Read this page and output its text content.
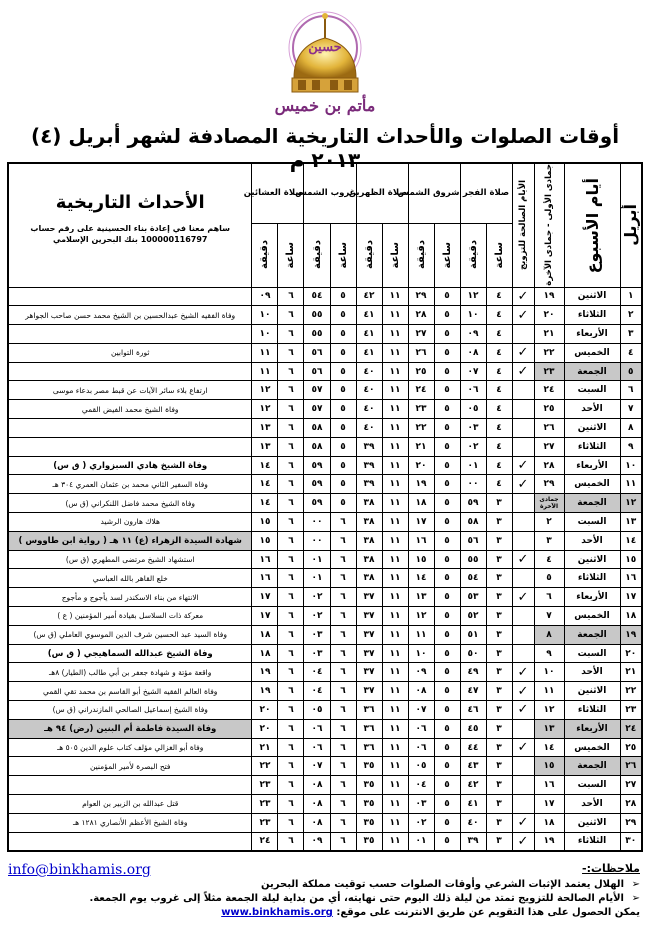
حسين
مأتم بن خميس
أوقات الصلوات والأحداث التاريخية المصادفة لشهر أبريل (٤) ٢٠١٣ م
أبريل	أيام الأسبوع	جمادى الأولى - جمادى الآخرة	الأيام الصالحة للتزويج	صلاة الفجر		شروق الشمس		صلاة الظهرين		غروب الشمس		صلاة العشائين		الأحداث التاريخية
ساهم معنا في إعادة بناء الحسينية على رقم حساب 100000116797 بنك البحرين الإسلامي

				ساعة	دقيقة	ساعة	دقيقة	ساعة	دقيقة	ساعة	دقيقة	ساعة	دقيقة	

١	الاثنين	١٩	✓	٤	١٢	٥	٢٩	١١	٤٢	٥	٥٤	٦	٠٩	
٢	الثلاثاء	٢٠	✓	٤	١٠	٥	٢٨	١١	٤١	٥	٥٥	٦	١٠	وفاة الفقيه الشيخ عبدالحسين بن الشيخ محمد حسن صاحب الجواهر
٣	الأربعاء	٢١		٤	٠٩	٥	٢٧	١١	٤١	٥	٥٥	٦	١٠	
٤	الخميس	٢٢	✓	٤	٠٨	٥	٢٦	١١	٤١	٥	٥٦	٦	١١	ثورة التوابين
٥	الجمعة	٢٣	✓	٤	٠٧	٥	٢٥	١١	٤٠	٥	٥٦	٦	١١	
٦	السبت	٢٤		٤	٠٦	٥	٢٤	١١	٤٠	٥	٥٧	٦	١٢	ارتفاع بلاء سائر الآيات عن قبط مصر بدعاء موسى
٧	الأحد	٢٥		٤	٠٥	٥	٢٣	١١	٤٠	٥	٥٧	٦	١٢	وفاة الشيخ محمد الفيض القمي
٨	الاثنين	٢٦		٤	٠٣	٥	٢٢	١١	٤٠	٥	٥٨	٦	١٣	
٩	الثلاثاء	٢٧		٤	٠٢	٥	٢١	١١	٣٩	٥	٥٨	٦	١٣	
١٠	الأربعاء	٢٨	✓	٤	٠١	٥	٢٠	١١	٣٩	٥	٥٩	٦	١٤	وفاة الشيخ هادي السبزواري ( ق س)
١١	الخميس	٢٩	✓	٤	٠٠	٥	١٩	١١	٣٩	٥	٥٩	٦	١٤	وفاة السفير الثاني محمد بن عثمان العمري ٣٠٤ هـ
١٢	الجمعة	جمادى الآخرة		٣	٥٩	٥	١٨	١١	٣٨	٥	٥٩	٦	١٤	وفاة الشيخ محمد فاضل اللنكراني (ق س)
١٣	السبت	٢		٣	٥٨	٥	١٧	١١	٣٨	٦	٠٠	٦	١٥	هلاك هارون الرشيد
١٤	الأحد	٣		٣	٥٦	٥	١٦	١١	٣٨	٦	٠٠	٦	١٥	شهادة السيدة الزهراء (ع) ١١ هـ ( رواية ابن طاووس )
١٥	الاثنين	٤	✓	٣	٥٥	٥	١٥	١١	٣٨	٦	٠١	٦	١٦	استشهاد الشيخ مرتضى المطهري (ق س)
١٦	الثلاثاء	٥		٣	٥٤	٥	١٤	١١	٣٨	٦	٠١	٦	١٦	خلع القاهر بالله العباسي
١٧	الأربعاء	٦	✓	٣	٥٣	٥	١٣	١١	٣٧	٦	٠٢	٦	١٧	الانتهاء من بناء الاسكندر لسد يأجوج و مأجوج
١٨	الخميس	٧		٣	٥٢	٥	١٢	١١	٣٧	٦	٠٢	٦	١٧	معركة ذات السلاسل بقيادة أمير المؤمنين ( ع )
١٩	الجمعة	٨		٣	٥١	٥	١١	١١	٣٧	٦	٠٣	٦	١٨	وفاة السيد عبد الحسين شرف الدين الموسوي العاملي (ق س)
٢٠	السبت	٩		٣	٥٠	٥	١٠	١١	٣٧	٦	٠٣	٦	١٨	وفاة الشيخ عبدالله السماهيجي ( ق س)
٢١	الأحد	١٠	✓	٣	٤٩	٥	٠٩	١١	٣٧	٦	٠٤	٦	١٩	واقعة مؤتة و شهادة جعفر بن أبي طالب (الطيار) ٨هـ
٢٢	الاثنين	١١	✓	٣	٤٧	٥	٠٨	١١	٣٧	٦	٠٤	٦	١٩	وفاة العالم الفقيه الشيخ أبو القاسم بن محمد تقي القمي
٢٣	الثلاثاء	١٢	✓	٣	٤٦	٥	٠٧	١١	٣٦	٦	٠٥	٦	٢٠	وفاة الشيخ إسماعيل الصالحي المازندراني (ق س)
٢٤	الأربعاء	١٣		٣	٤٥	٥	٠٦	١١	٣٦	٦	٠٦	٦	٢٠	وفاة السيدة فاطمة أم البنين (رض) ٩٤ هـ
٢٥	الخميس	١٤	✓	٣	٤٤	٥	٠٦	١١	٣٦	٦	٠٦	٦	٢١	وفاة أبو الغزالي مؤلف كتاب علوم الدين ٥٠٥ هـ
٢٦	الجمعة	١٥		٣	٤٣	٥	٠٥	١١	٣٥	٦	٠٧	٦	٢٢	فتح البصرة لأمير المؤمنين
٢٧	السبت	١٦		٣	٤٢	٥	٠٤	١١	٣٥	٦	٠٨	٦	٢٣	
٢٨	الأحد	١٧		٣	٤١	٥	٠٣	١١	٣٥	٦	٠٨	٦	٢٣	قتل عبدالله بن الزبير بن العوام
٢٩	الاثنين	١٨	✓	٣	٤٠	٥	٠٢	١١	٣٥	٦	٠٨	٦	٢٣	وفاة الشيخ الأعظم الأنصاري ١٢٨١ هـ
٣٠	الثلاثاء	١٩	✓	٣	٣٩	٥	٠١	١١	٣٥	٦	٠٩	٦	٢٤	
info@binkhamis.org	ملاحظات:-
➢
الهلال يعتمد الإثبات الشرعي وأوقات الصلوات حسب توقيت مملكة البحرين
➢
الأيام الصالحة للتزويج تمتد من ليلة ذلك اليوم حتى نهايته، أي من بداية ليلة الجمعة مثلاً إلى غروب يوم الجمعة.
يمكن الحصول على هذا التقويم عن طريق الانترنت على موقع: www.binkhamis.org
